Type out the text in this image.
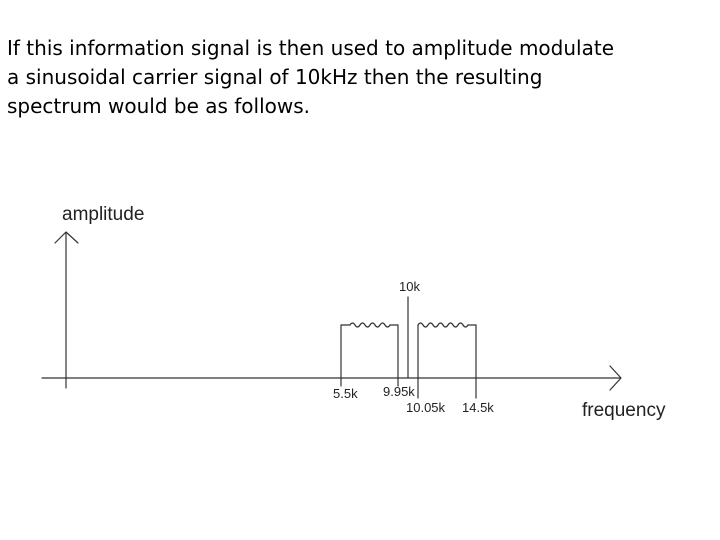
If this information signal is then used to amplitude modulate
a sinusoidal carrier signal of 10kHz then the resulting
spectrum would be as follows.
amplitude
frequency
10k
5.5k 9.95k
10.05k 14.5k
